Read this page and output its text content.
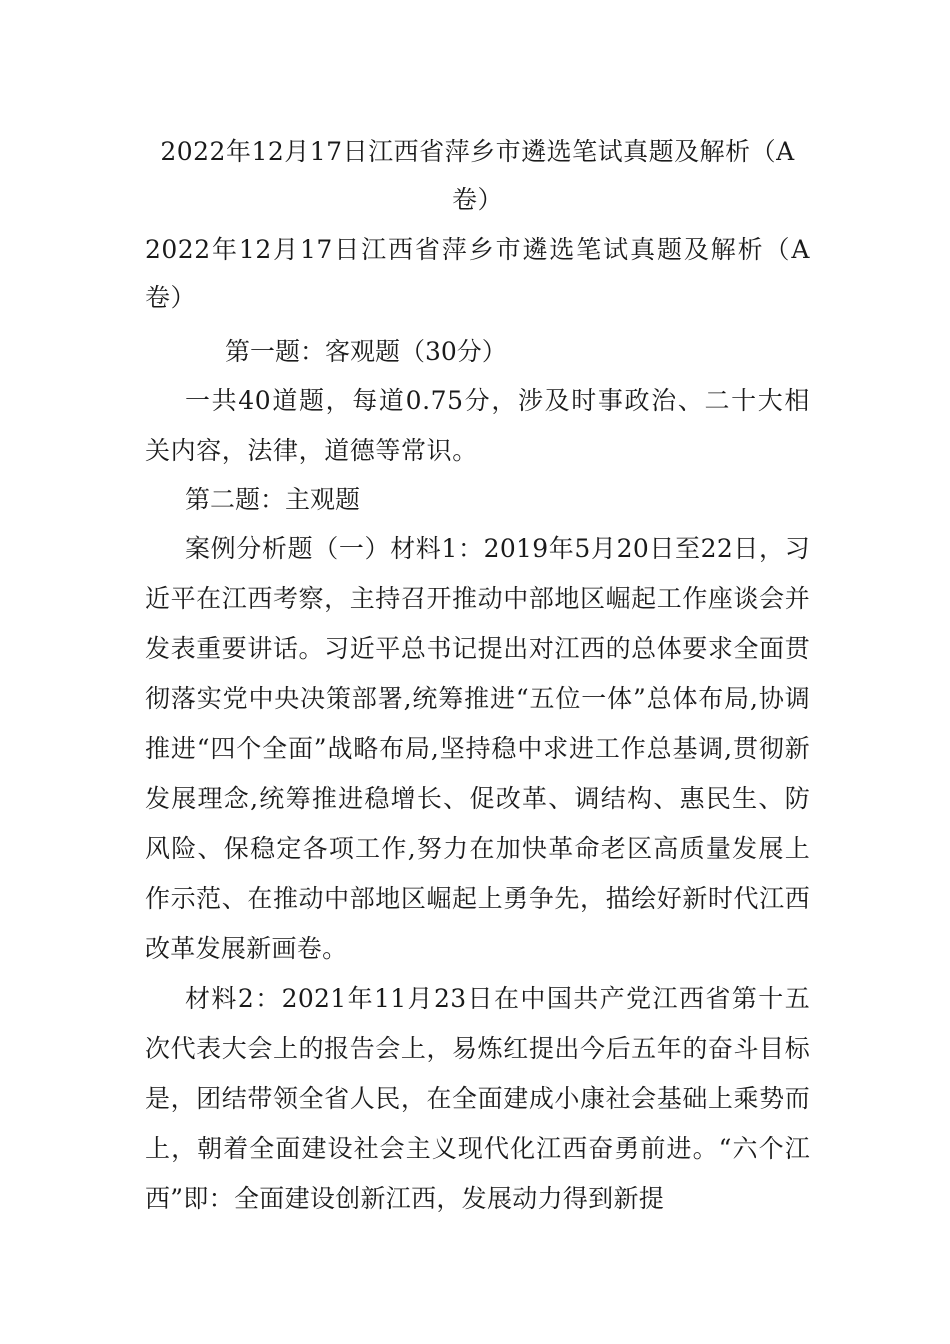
2022年12月17日江西省萍乡市遴选笔试真题及解析（A卷）

2022年12月17日江西省萍乡市遴选笔试真题及解析（A卷）

第一题：客观题（30分）

一共40道题，每道0.75分，涉及时事政治、二十大相关内容，法律，道德等常识。

第二题：主观题

案例分析题（一）材料1：2019年5月20日至22日，习近平在江西考察，主持召开推动中部地区崛起工作座谈会并发表重要讲话。习近平总书记提出对江西的总体要求全面贯彻落实党中央决策部署,统筹推进“五位一体”总体布局,协调推进“四个全面”战略布局,坚持稳中求进工作总基调,贯彻新发展理念,统筹推进稳增长、促改革、调结构、惠民生、防风险、保稳定各项工作,努力在加快革命老区高质量发展上作示范、在推动中部地区崛起上勇争先，描绘好新时代江西改革发展新画卷。

材料2：2021年11月23日在中国共产党江西省第十五次代表大会上的报告会上，易炼红提出今后五年的奋斗目标是，团结带领全省人民，在全面建成小康社会基础上乘势而上，朝着全面建设社会主义现代化江西奋勇前进。“六个江西”即：全面建设创新江西，发展动力得到新提
